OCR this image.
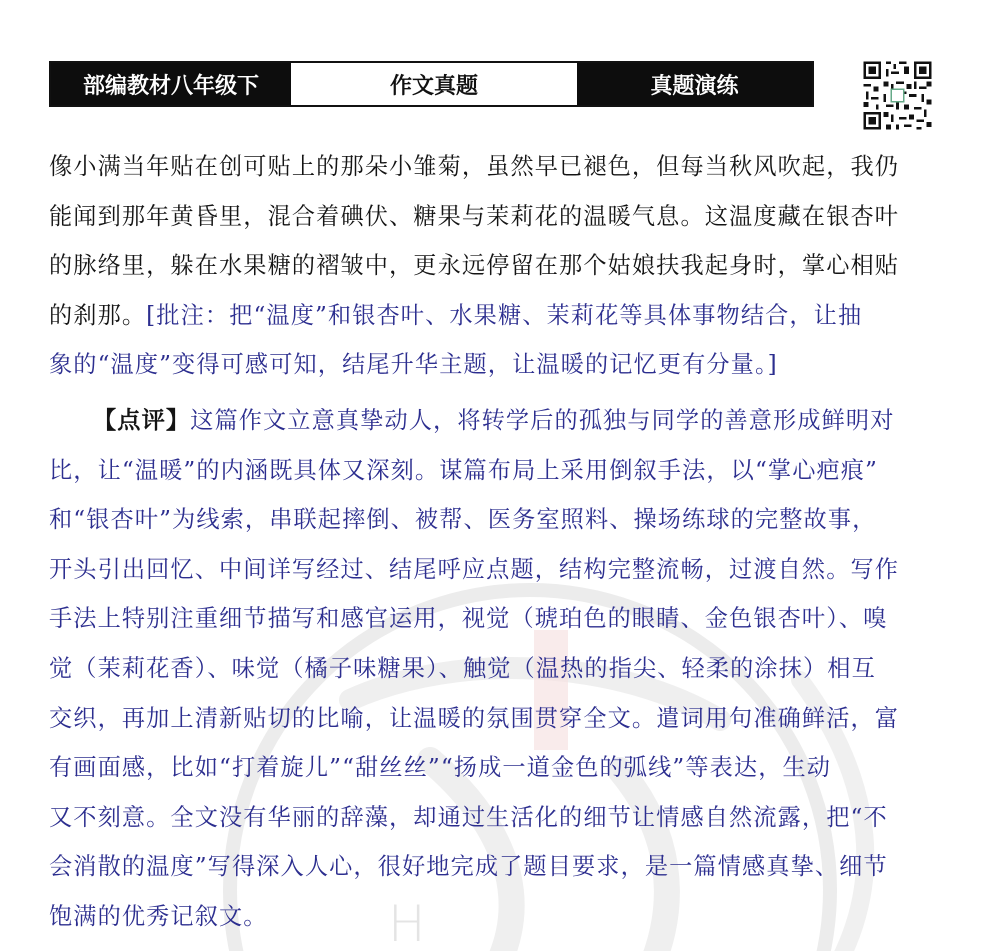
H
部编教材八年级下	作文真题	真题演练
像小满当年贴在创可贴上的那朵小雏菊，虽然早已褪色，但每当秋风吹起，我仍
能闻到那年黄昏里，混合着碘伏、糖果与茉莉花的温暖气息。这温度藏在银杏叶
的脉络里，躲在水果糖的褶皱中，更永远停留在那个姑娘扶我起身时，掌心相贴
的刹那。[批注：把“温度”和银杏叶、水果糖、茉莉花等具体事物结合，让抽
象的“温度”变得可感可知，结尾升华主题，让温暖的记忆更有分量。]
【点评】这篇作文立意真挚动人，将转学后的孤独与同学的善意形成鲜明对
比，让“温暖”的内涵既具体又深刻。谋篇布局上采用倒叙手法，以“掌心疤痕”
和“银杏叶”为线索，串联起摔倒、被帮、医务室照料、操场练球的完整故事，
开头引出回忆、中间详写经过、结尾呼应点题，结构完整流畅，过渡自然。写作
手法上特别注重细节描写和感官运用，视觉（琥珀色的眼睛、金色银杏叶）、嗅
觉（茉莉花香）、味觉（橘子味糖果）、触觉（温热的指尖、轻柔的涂抹）相互
交织，再加上清新贴切的比喻，让温暖的氛围贯穿全文。遣词用句准确鲜活，富
有画面感，比如“打着旋儿”“甜丝丝”“扬成一道金色的弧线”等表达，生动
又不刻意。全文没有华丽的辞藻，却通过生活化的细节让情感自然流露，把“不
会消散的温度”写得深入人心，很好地完成了题目要求，是一篇情感真挚、细节
饱满的优秀记叙文。
